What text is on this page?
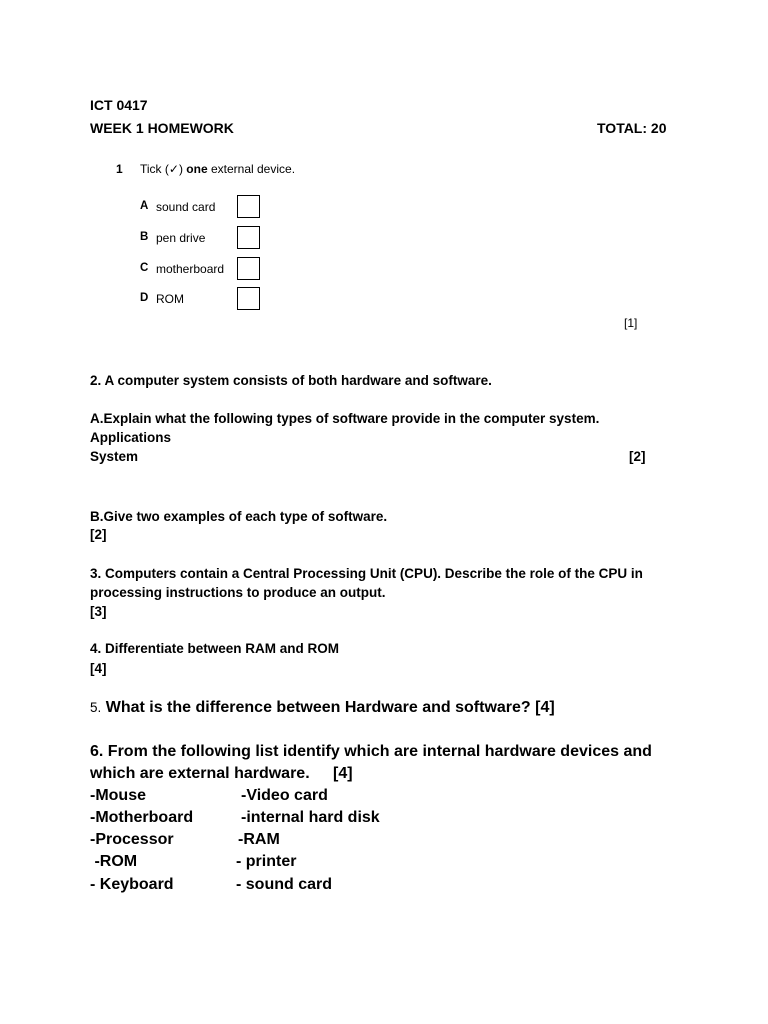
ICT 0417
WEEK 1 HOMEWORK	TOTAL: 20
1 Tick (✓) one external device.
A sound card
B pen drive
C motherboard
D ROM
[1]
2. A computer system consists of both hardware and software.
A.Explain what the following types of software provide in the computer system.
Applications
System	[2]
B.Give two examples of each type of software.
[2]
3. Computers contain a Central Processing Unit (CPU). Describe the role of the CPU in
processing instructions to produce an output.
[3]
4. Differentiate between RAM and ROM
[4]
5. What is the difference between Hardware and software? [4]
6. From the following list identify which are internal hardware devices and
which are external hardware. [4]
-Mouse
-Motherboard
-Processor
-ROM
- Keyboard
-Video card
-internal hard disk
-RAM
- printer
- sound card
